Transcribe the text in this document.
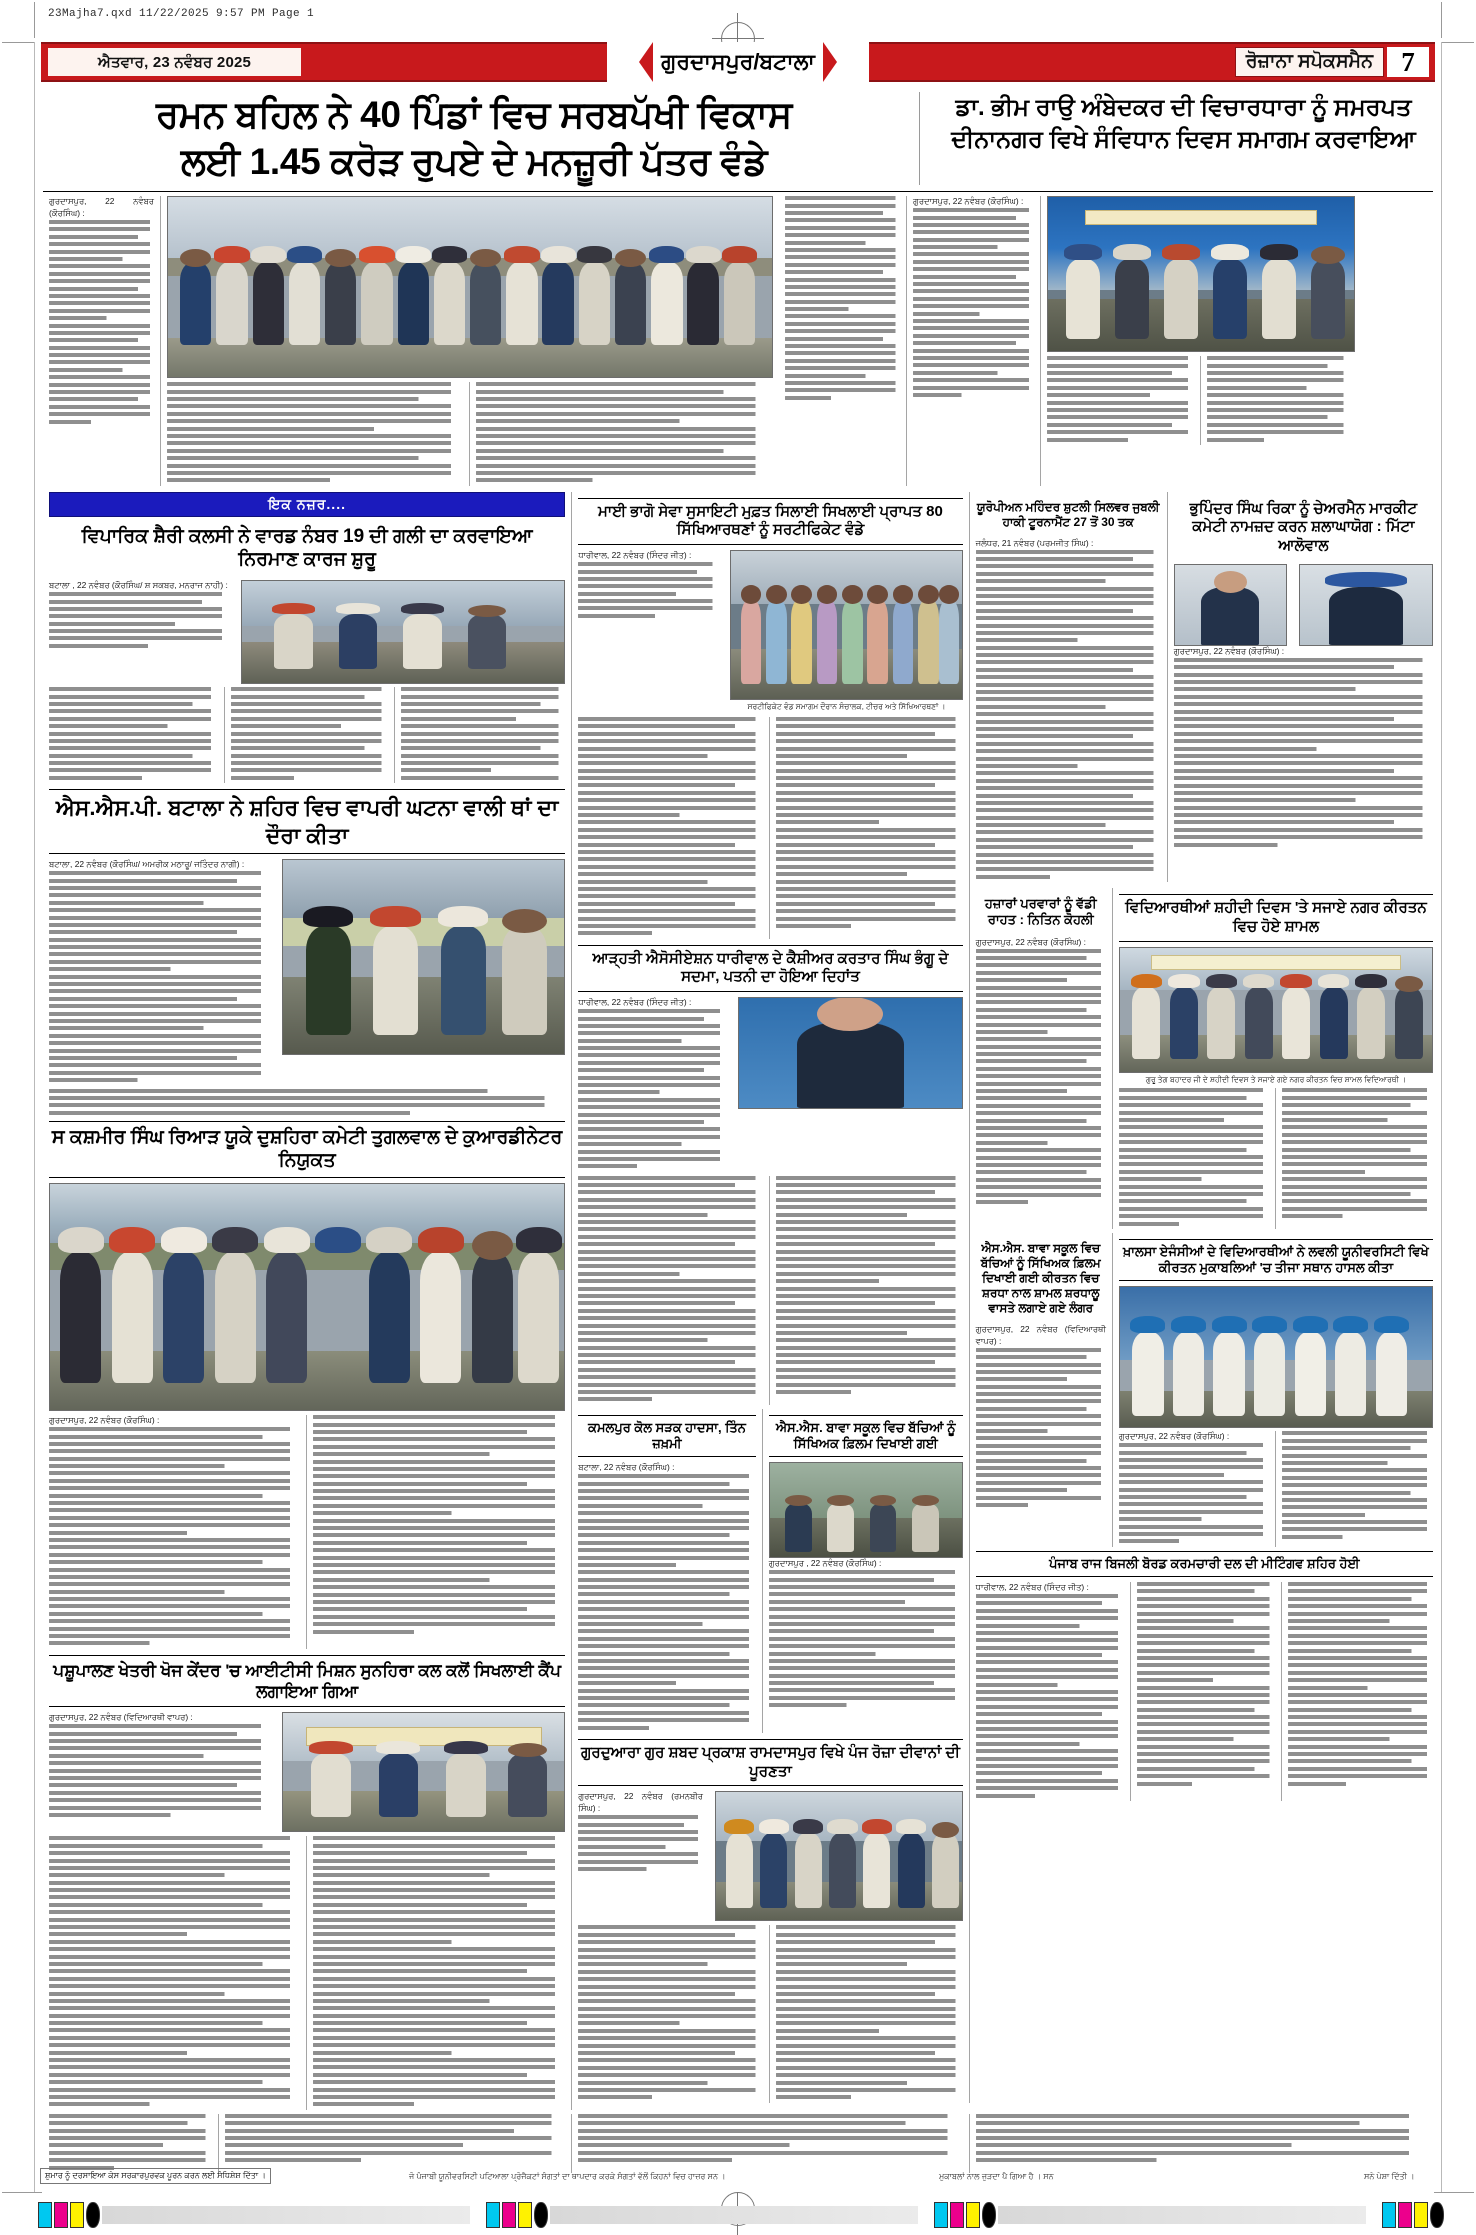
23Majha7.qxd 11/22/2025 9:57 PM Page 1
ਐਤਵਾਰ, 23 ਨਵੰਬਰ 2025	ਗੁਰਦਾਸਪੁਰ/ਬਟਾਲਾ	ਰੋਜ਼ਾਨਾ ਸਪੋਕਸਮੈਨ	7
ਰਮਨ ਬਹਿਲ ਨੇ 40 ਪਿੰਡਾਂ ਵਿਚ ਸਰਬਪੱਖੀ ਵਿਕਾਸ
ਲਈ 1.45 ਕਰੋੜ ਰੁਪਏ ਦੇ ਮਨਜ਼ੂਰੀ ਪੱਤਰ ਵੰਡੇ
ਡਾ. ਭੀਮ ਰਾਉ ਅੰਬੇਦਕਰ ਦੀ ਵਿਚਾਰਧਾਰਾ ਨੂੰ ਸਮਰਪਤ
ਦੀਨਾਨਗਰ ਵਿਖੇ ਸੰਵਿਧਾਨ ਦਿਵਸ ਸਮਾਗਮ ਕਰਵਾਇਆ
ਗੁਰਦਾਸਪੁਰ, 22 ਨਵੰਬਰ (ਕੌਰਸਿੰਘ) :
ਗੁਰਦਾਸਪੁਰ, 22 ਨਵੰਬਰ (ਕੌਰਸਿੰਘ) :
ਇਕ ਨਜ਼ਰ....
ਵਿਪਾਰਿਕ ਸ਼ੈਰੀ ਕਲਸੀ ਨੇ ਵਾਰਡ ਨੰਬਰ 19 ਦੀ ਗਲੀ ਦਾ ਕਰਵਾਇਆ ਨਿਰਮਾਣ ਕਾਰਜ ਸ਼ੁਰੂ
ਬਟਾਲਾ , 22 ਨਵੰਬਰ (ਕੌਰਸਿੰਘ/ ਸ਼ ਸਕਬਰ, ਮਨਰਾਜ ਨਾਹੀ) :
ਐਸ.ਐਸ.ਪੀ. ਬਟਾਲਾ ਨੇ ਸ਼ਹਿਰ ਵਿਚ ਵਾਪਰੀ ਘਟਨਾ ਵਾਲੀ ਥਾਂ ਦਾ ਦੌਰਾ ਕੀਤਾ
ਬਟਾਲਾ, 22 ਨਵੰਬਰ (ਕੌਰਸਿੰਘ/ ਅਮਰੀਕ ਮਠਾਰੂ/ ਜਤਿੰਦਰ ਨਾਗੀ) :
ਸ ਕਸ਼ਮੀਰ ਸਿੰਘ ਰਿਆੜ ਯੂਕੇ ਦੁਸ਼ਹਿਰਾ ਕਮੇਟੀ ਤੁਗਲਵਾਲ ਦੇ ਕੁਆਰਡੀਨੇਟਰ ਨਿਯੁਕਤ
ਗੁਰਦਾਸਪੁਰ, 22 ਨਵੰਬਰ (ਕੌਰਸਿੰਘ) :
ਪਸ਼ੂਪਾਲਣ ਖੇਤਰੀ ਖੋਜ ਕੇਂਦਰ 'ਚ ਆਈਟੀਸੀ ਮਿਸ਼ਨ ਸੁਨਹਿਰਾ ਕਲ ਕਲੋਂ ਸਿਖਲਾਈ ਕੈਂਪ ਲਗਾਇਆ ਗਿਆ
ਗੁਰਦਾਸਪੁਰ, 22 ਨਵੰਬਰ (ਵਿਦਿਆਰਥੀ ਵਾਪਰ) :
ਮਾਈ ਭਾਗੋ ਸੇਵਾ ਸੁਸਾਇਟੀ ਮੁਫ਼ਤ ਸਿਲਾਈ ਸਿਖਲਾਈ ਪ੍ਰਾਪਤ 80 ਸਿੱਖਿਆਰਥਣਾਂ ਨੂੰ ਸਰਟੀਫਿਕੇਟ ਵੰਡੇ
ਧਾਰੀਵਾਲ, 22 ਨਵੰਬਰ (ਸਿੰਦਰ ਜੀਤ) :
ਸਰਟੀਫਿਕੇਟ ਵੰਡ ਸਮਾਗਮ ਦੌਰਾਨ ਸੰਚਾਲਕ, ਟੀਚਰ ਅਤੇ ਸਿੱਖਿਆਰਥਣਾਂ ।
ਆੜ੍ਹਤੀ ਐਸੋਸੀਏਸ਼ਨ ਧਾਰੀਵਾਲ ਦੇ ਕੈਸ਼ੀਅਰ ਕਰਤਾਰ ਸਿੰਘ ਭੰਗੂ ਦੇ ਸਦਮਾ, ਪਤਨੀ ਦਾ ਹੋਇਆ ਦਿਹਾਂਤ
ਧਾਰੀਵਾਲ, 22 ਨਵੰਬਰ (ਸਿੰਦਰ ਜੀਤ) :
ਕਮਲਪੁਰ ਕੋਲ ਸੜਕ ਹਾਦਸਾ, ਤਿੰਨ ਜ਼ਖ਼ਮੀ
ਬਟਾਲਾ, 22 ਨਵੰਬਰ (ਕੌਰਸਿੰਘ) :
ਐਸ.ਐਸ. ਬਾਵਾ ਸਕੂਲ ਵਿਚ ਬੱਚਿਆਂ ਨੂੰ ਸਿੱਖਿਅਕ ਫ਼ਿਲਮ ਦਿਖਾਈ ਗਈ
ਗੁਰਦਾਸਪੁਰ , 22 ਨਵੰਬਰ (ਕੌਰਸਿੰਘ) :
ਗੁਰਦੁਆਰਾ ਗੁਰ ਸ਼ਬਦ ਪ੍ਰਕਾਸ਼ ਰਾਮਦਾਸਪੁਰ ਵਿਖੇ ਪੰਜ ਰੋਜ਼ਾ ਦੀਵਾਨਾਂ ਦੀ ਪੂਰਣਤਾ
ਗੁਰਦਾਸਪੁਰ, 22 ਨਵੰਬਰ (ਰਮਨਬੀਰ ਸਿੰਘ) :
ਯੂਰੋਪੀਅਨ ਮਹਿੰਦਰ ਸ਼ੁਟਲੀ ਸਿਲਵਰ ਜੁਬਲੀ ਹਾਕੀ ਟੂਰਨਾਮੈਂਟ 27 ਤੋਂ 30 ਤਕ
ਜਲੰਧਰ, 21 ਨਵੰਬਰ (ਪਰਮਜੀਤ ਸਿੰਘ) :
ਭੁਪਿੰਦਰ ਸਿੰਘ ਰਿਕਾ ਨੂੰ ਚੇਅਰਮੈਨ ਮਾਰਕੀਟ ਕਮੇਟੀ ਨਾਮਜ਼ਦ ਕਰਨ ਸ਼ਲਾਘਾਯੋਗ : ਮਿੱਟਾ ਆਲੋਵਾਲ
ਗੁਰਦਾਸਪੁਰ, 22 ਨਵੰਬਰ (ਕੌਰਸਿੰਘ) :
ਹਜ਼ਾਰਾਂ ਪਰਵਾਰਾਂ ਨੂੰ ਵੱਡੀ ਰਾਹਤ : ਨਿਤਿਨ ਕੋਹਲੀ
ਗੁਰਦਾਸਪੁਰ, 22 ਨਵੰਬਰ (ਕੌਰਸਿੰਘ) :
ਵਿਦਿਆਰਥੀਆਂ ਸ਼ਹੀਦੀ ਦਿਵਸ 'ਤੇ ਸਜਾਏ ਨਗਰ ਕੀਰਤਨ ਵਿਚ ਹੋਏ ਸ਼ਾਮਲ
ਗੁਰੂ ਤੇਗ ਬਹਾਦਰ ਜੀ ਦੇ ਸ਼ਹੀਦੀ ਦਿਵਸ ਤੇ ਸਜਾਏ ਗਏ ਨਗਰ ਕੀਰਤਨ ਵਿਚ ਸ਼ਾਮਲ ਵਿਦਿਆਰਥੀ ।
ਐਸ.ਐਸ. ਬਾਵਾ ਸਕੂਲ ਵਿਚ ਬੱਚਿਆਂ ਨੂੰ ਸਿੱਖਿਅਕ ਫ਼ਿਲਮ ਦਿਖਾਈ ਗਈ ਕੀਰਤਨ ਵਿਚ ਸ਼ਰਧਾ ਨਾਲ ਸ਼ਾਮਲ ਸ਼ਰਧਾਲੂ ਵਾਸਤੇ ਲਗਾਏ ਗਏ ਲੰਗਰ
ਗੁਰਦਾਸਪੁਰ, 22 ਨਵੰਬਰ (ਵਿਦਿਆਰਥੀ ਵਾਪਰ) :
ਖ਼ਾਲਸਾ ਏਜੰਸੀਆਂ ਦੇ ਵਿਦਿਆਰਥੀਆਂ ਨੇ ਲਵਲੀ ਯੂਨੀਵਰਸਿਟੀ ਵਿਖੇ ਕੀਰਤਨ ਮੁਕਾਬਲਿਆਂ 'ਚ ਤੀਜਾ ਸਥਾਨ ਹਾਸਲ ਕੀਤਾ
ਗੁਰਦਾਸਪੁਰ, 22 ਨਵੰਬਰ (ਕੌਰਸਿੰਘ) :
ਪੰਜਾਬ ਰਾਜ ਬਿਜਲੀ ਬੋਰਡ ਕਰਮਚਾਰੀ ਦਲ ਦੀ ਮੀਟਿੰਗਵ ਸ਼ਹਿਰ ਹੋਈ
ਧਾਰੀਵਾਲ, 22 ਨਵੰਬਰ (ਸਿੰਦਰ ਜੀਤ) :
ਸ਼ੁਮਾਰ ਨੂੰ ਦਰਸਾਇਆ ਕੇਸ ਸਰਕਾਰਪੁਰਵਕ ਪੂਰਨ ਕਰਨ ਲਈ ਸੰਧਿਸ਼ੇਸ਼ ਦਿੱਤਾ ।	ਜੋ ਪੰਜਾਬੀ ਯੂਨੀਵਰਸਿਟੀ ਪਟਿਆਲਾ ਪ੍ਰੋਜੈਕਟਾਂ ਸੰਗਤਾਂ ਦਾ ਥਾਪਦਾਰ ਕਰਕੇ ਸੰਗਤਾਂ ਵੱਲੋਂ ਕਿਹਨਾਂ ਵਿਚ ਹਾਜ਼ਰ ਸਨ ।	ਮੁਕਾਬਲਾਂ ਨਾਲ ਜੁੜਦਾ ਪੈ ਗਿਆ ਹੈ । ਸਨ	ਸਨੇ ਪੇਸ਼ਾ ਦਿੱਤੀ ।
